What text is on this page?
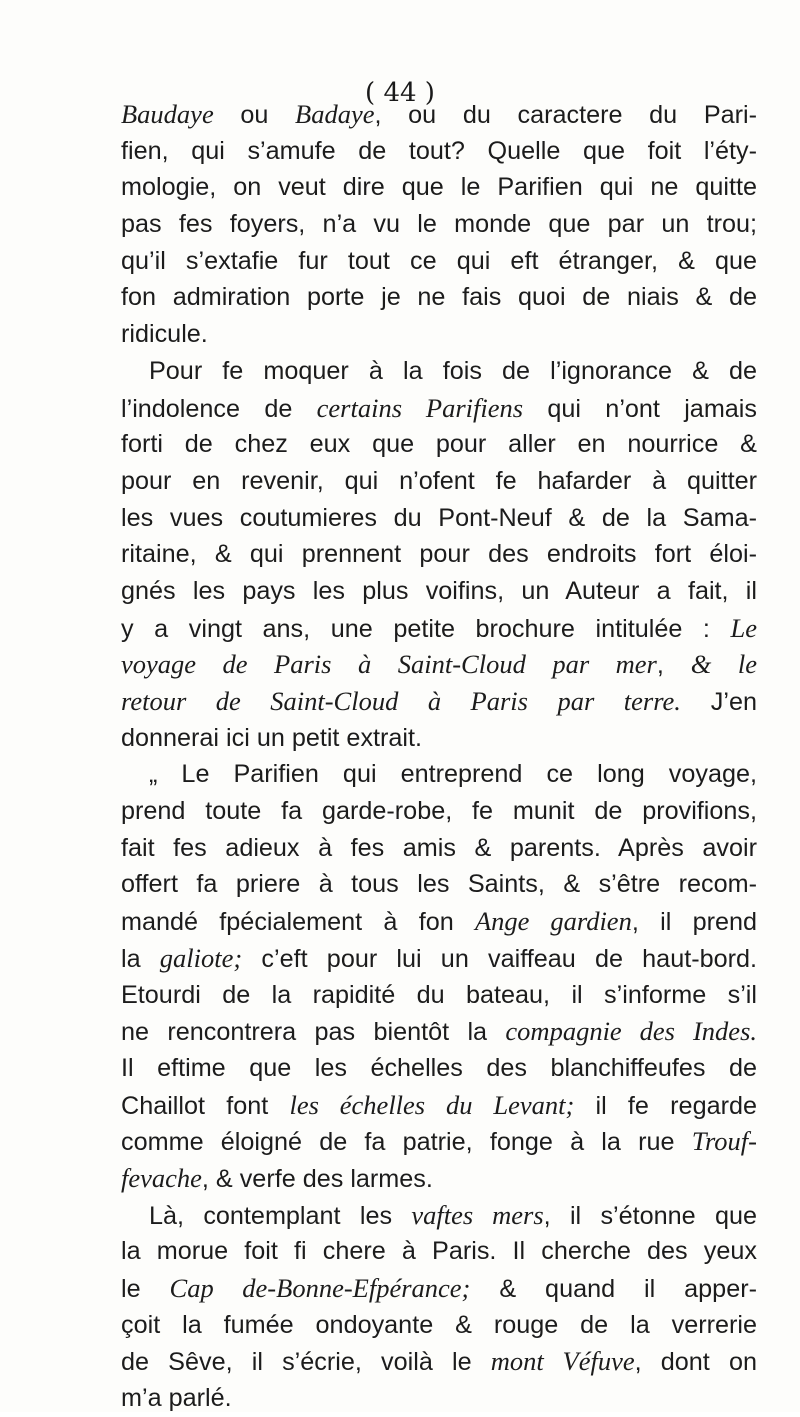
( 44 )
Baudaye ou Badaye, ou du caractere du Pari-
fien, qui s’amufe de tout? Quelle que foit l’éty-
mologie, on veut dire que le Parifien qui ne quitte
pas fes foyers, n’a vu le monde que par un trou;
qu’il s’extafie fur tout ce qui eft étranger, & que
fon admiration porte je ne fais quoi de niais & de
ridicule.
Pour fe moquer à la fois de l’ignorance & de
l’indolence de certains Parifiens qui n’ont jamais
forti de chez eux que pour aller en nourrice &
pour en revenir, qui n’ofent fe hafarder à quitter
les vues coutumieres du Pont-Neuf & de la Sama-
ritaine, & qui prennent pour des endroits fort éloi-
gnés les pays les plus voifins, un Auteur a fait, il
y a vingt ans, une petite brochure intitulée : Le
voyage de Paris à Saint-Cloud par mer, & le
retour de Saint-Cloud à Paris par terre. J’en
donnerai ici un petit extrait.
„ Le Parifien qui entreprend ce long voyage,
prend toute fa garde-robe, fe munit de provifions,
fait fes adieux à fes amis & parents. Après avoir
offert fa priere à tous les Saints, & s’être recom-
mandé fpécialement à fon Ange gardien, il prend
la galiote; c’eft pour lui un vaiffeau de haut-bord.
Etourdi de la rapidité du bateau, il s’informe s’il
ne rencontrera pas bientôt la compagnie des Indes.
Il eftime que les échelles des blanchiffeufes de
Chaillot font les échelles du Levant; il fe regarde
comme éloigné de fa patrie, fonge à la rue Trouf-
fevache, & verfe des larmes.
Là, contemplant les vaftes mers, il s’étonne que
la morue foit fi chere à Paris. Il cherche des yeux
le Cap de-Bonne-Efpérance; & quand il apper-
çoit la fumée ondoyante & rouge de la verrerie
de Sêve, il s’écrie, voilà le mont Véfuve, dont on
m’a parlé.
